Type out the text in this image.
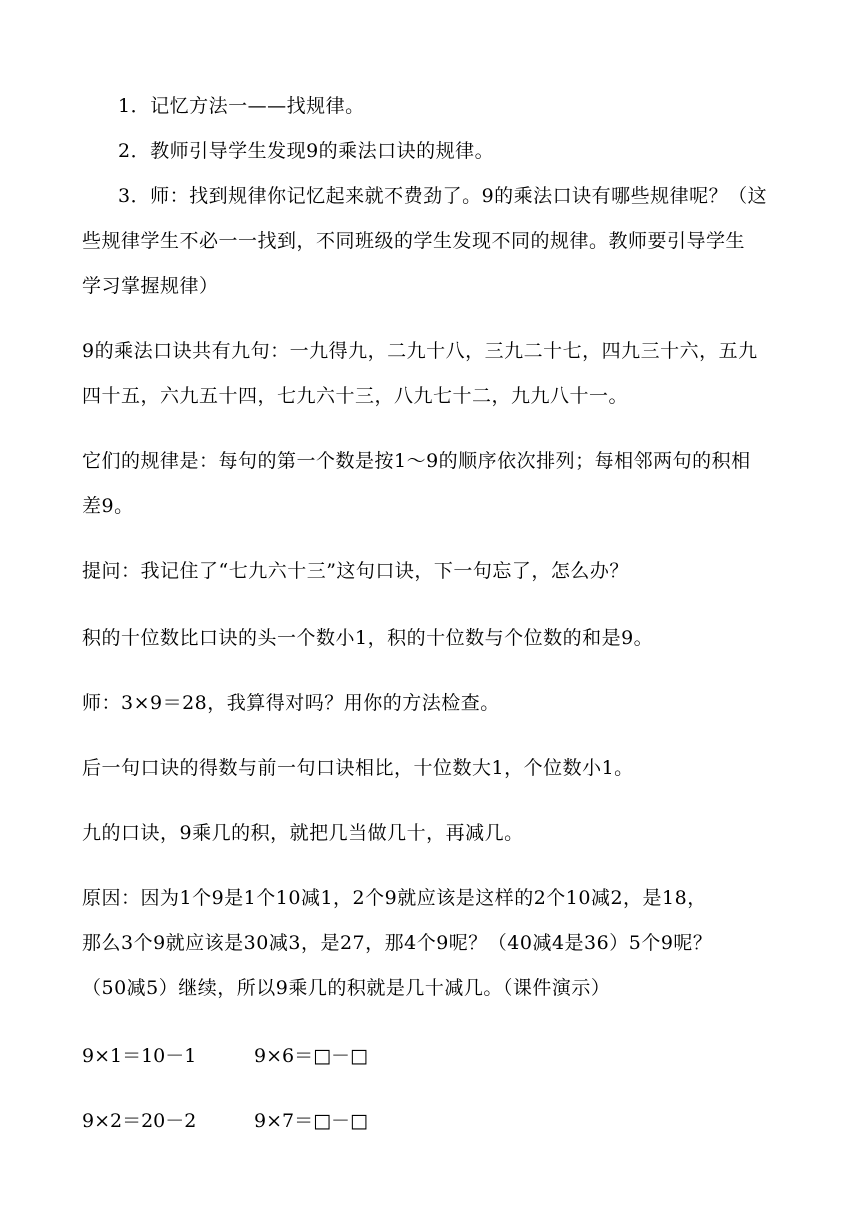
1．记忆方法一——找规律。
2．教师引导学生发现9的乘法口诀的规律。
3．师：找到规律你记忆起来就不费劲了。9的乘法口诀有哪些规律呢？（这
些规律学生不必一一找到，不同班级的学生发现不同的规律。教师要引导学生
学习掌握规律）
9的乘法口诀共有九句：一九得九，二九十八，三九二十七，四九三十六，五九
四十五，六九五十四，七九六十三，八九七十二，九九八十一。
它们的规律是：每句的第一个数是按1～9的顺序依次排列；每相邻两句的积相
差9。
提问：我记住了“七九六十三”这句口诀，下一句忘了，怎么办？
积的十位数比口诀的头一个数小1，积的十位数与个位数的和是9。
师：3×9＝28，我算得对吗？用你的方法检查。
后一句口诀的得数与前一句口诀相比，十位数大1，个位数小1。
九的口诀，9乘几的积，就把几当做几十，再减几。
原因：因为1个9是1个10减1，2个9就应该是这样的2个10减2，是18，
那么3个9就应该是30减3，是27，那4个9呢？（40减4是36）5个9呢？
（50减5）继续，所以9乘几的积就是几十减几。（课件演示）
9×1＝10－1	9×6＝□－□
9×2＝20－2	9×7＝□－□
